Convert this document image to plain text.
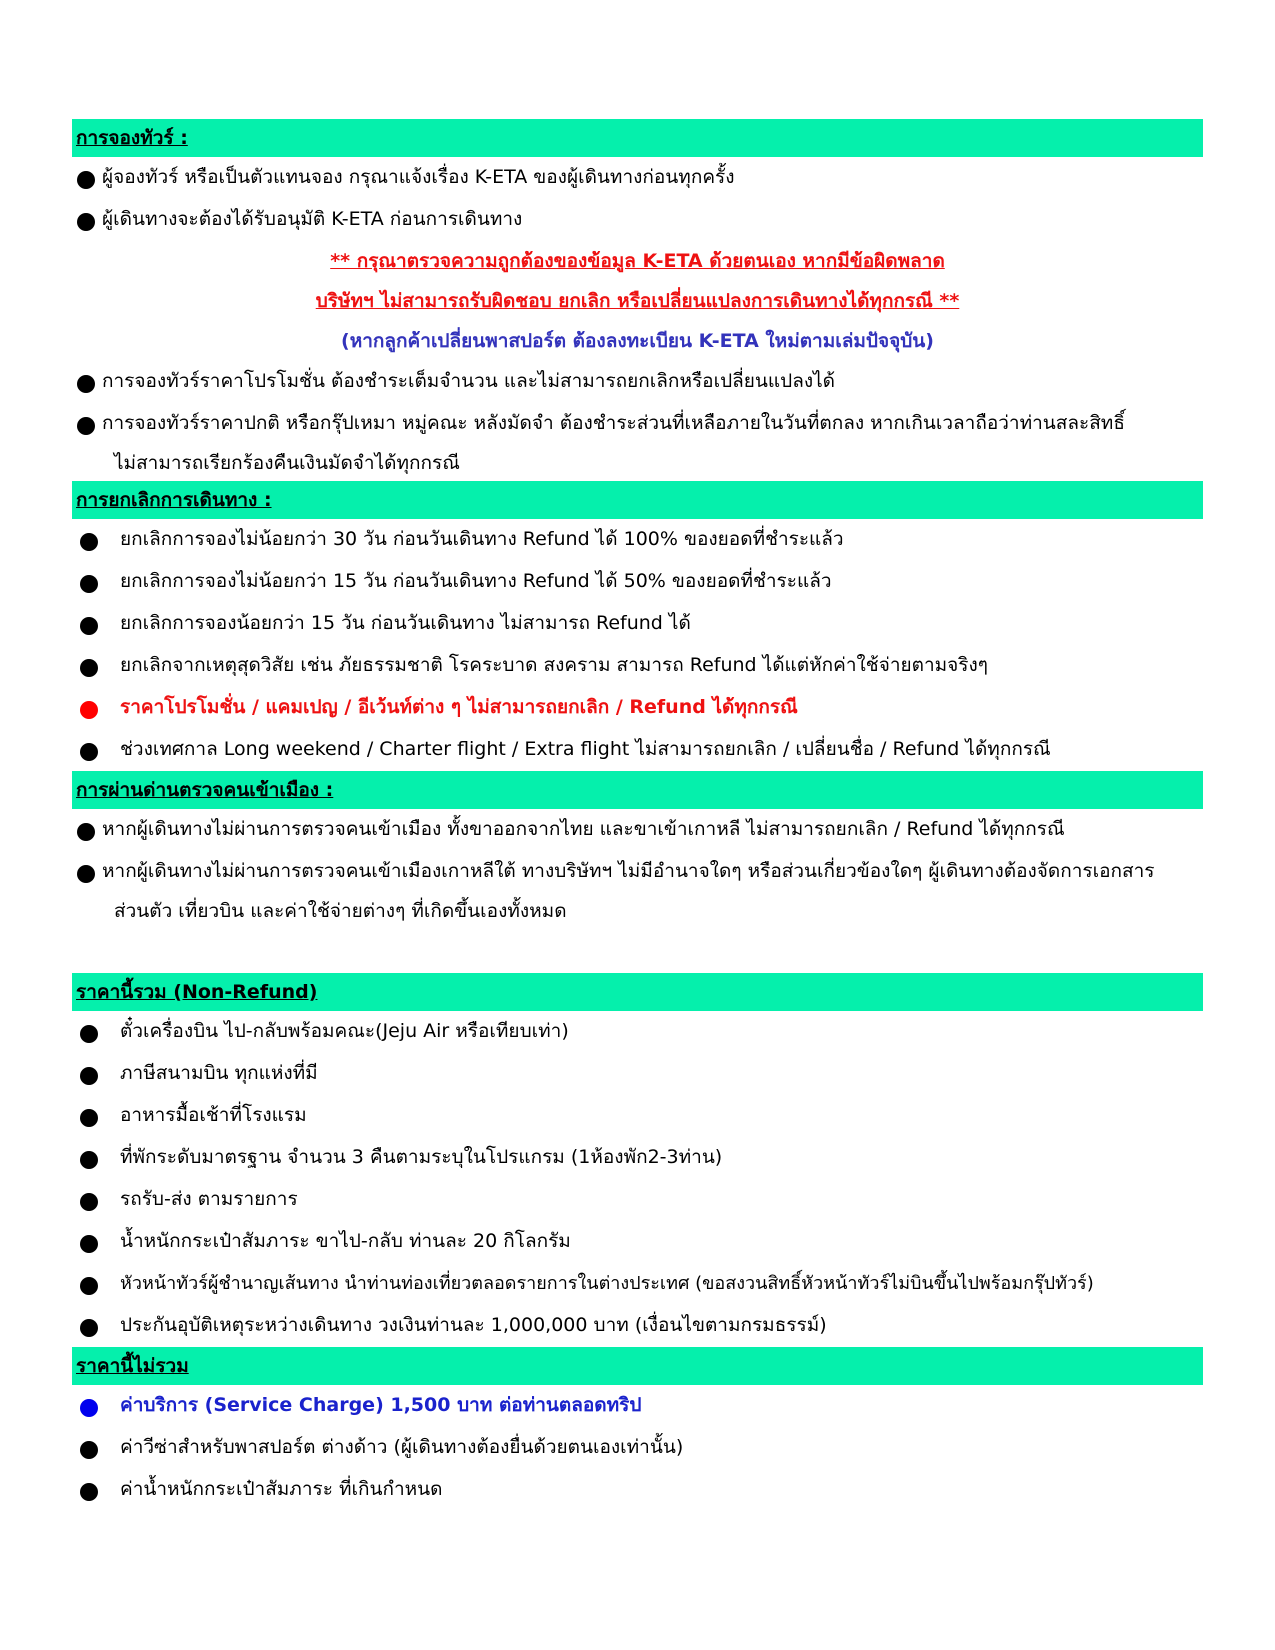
การจองทัวร์ :
ผู้จองทัวร์ หรือเป็นตัวแทนจอง กรุณาแจ้งเรื่อง K-ETA ของผู้เดินทางก่อนทุกครั้ง
ผู้เดินทางจะต้องได้รับอนุมัติ K-ETA ก่อนการเดินทาง
** กรุณาตรวจความถูกต้องของข้อมูล K-ETA ด้วยตนเอง หากมีข้อผิดพลาด
บริษัทฯ ไม่สามารถรับผิดชอบ ยกเลิก หรือเปลี่ยนแปลงการเดินทางได้ทุกกรณี **
(หากลูกค้าเปลี่ยนพาสปอร์ต ต้องลงทะเบียน K-ETA ใหม่ตามเล่มปัจจุบัน)
การจองทัวร์ราคาโปรโมชั่น ต้องชำระเต็มจำนวน และไม่สามารถยกเลิกหรือเปลี่ยนแปลงได้
การจองทัวร์ราคาปกติ หรือกรุ๊ปเหมา หมู่คณะ หลังมัดจำ ต้องชำระส่วนที่เหลือภายในวันที่ตกลง หากเกินเวลาถือว่าท่านสละสิทธิ์
ไม่สามารถเรียกร้องคืนเงินมัดจำได้ทุกกรณี
การยกเลิกการเดินทาง :
ยกเลิกการจองไม่น้อยกว่า 30 วัน ก่อนวันเดินทาง Refund ได้ 100% ของยอดที่ชำระแล้ว
ยกเลิกการจองไม่น้อยกว่า 15 วัน ก่อนวันเดินทาง Refund ได้ 50% ของยอดที่ชำระแล้ว
ยกเลิกการจองน้อยกว่า 15 วัน ก่อนวันเดินทาง ไม่สามารถ Refund ได้
ยกเลิกจากเหตุสุดวิสัย เช่น ภัยธรรมชาติ โรคระบาด สงคราม สามารถ Refund ได้แต่หักค่าใช้จ่ายตามจริงๆ
ราคาโปรโมชั่น / แคมเปญ / อีเว้นท์ต่าง ๆ ไม่สามารถยกเลิก / Refund ได้ทุกกรณี
ช่วงเทศกาล Long weekend / Charter flight / Extra flight ไม่สามารถยกเลิก / เปลี่ยนชื่อ / Refund ได้ทุกกรณี
การผ่านด่านตรวจคนเข้าเมือง :
หากผู้เดินทางไม่ผ่านการตรวจคนเข้าเมือง ทั้งขาออกจากไทย และขาเข้าเกาหลี ไม่สามารถยกเลิก / Refund ได้ทุกกรณี
หากผู้เดินทางไม่ผ่านการตรวจคนเข้าเมืองเกาหลีใต้ ทางบริษัทฯ ไม่มีอำนาจใดๆ หรือส่วนเกี่ยวข้องใดๆ ผู้เดินทางต้องจัดการเอกสาร
ส่วนตัว เที่ยวบิน และค่าใช้จ่ายต่างๆ ที่เกิดขึ้นเองทั้งหมด
ราคานี้รวม (Non-Refund)
ตั๋วเครื่องบิน ไป-กลับพร้อมคณะ(Jeju Air หรือเทียบเท่า)
ภาษีสนามบิน ทุกแห่งที่มี
อาหารมื้อเช้าที่โรงแรม
ที่พักระดับมาตรฐาน จำนวน 3 คืนตามระบุในโปรแกรม (1ห้องพัก2-3ท่าน)
รถรับ-ส่ง ตามรายการ
น้ำหนักกระเป๋าสัมภาระ ขาไป-กลับ ท่านละ 20 กิโลกรัม
หัวหน้าทัวร์ผู้ชำนาญเส้นทาง นำท่านท่องเที่ยวตลอดรายการในต่างประเทศ (ขอสงวนสิทธิ์หัวหน้าทัวร์ไม่บินขึ้นไปพร้อมกรุ๊ปทัวร์)
ประกันอุบัติเหตุระหว่างเดินทาง วงเงินท่านละ 1,000,000 บาท (เงื่อนไขตามกรมธรรม์)
ราคานี้ไม่รวม
ค่าบริการ (Service Charge) 1,500 บาท ต่อท่านตลอดทริป
ค่าวีซ่าสำหรับพาสปอร์ต ต่างด้าว (ผู้เดินทางต้องยื่นด้วยตนเองเท่านั้น)
ค่าน้ำหนักกระเป๋าสัมภาระ ที่เกินกำหนด
